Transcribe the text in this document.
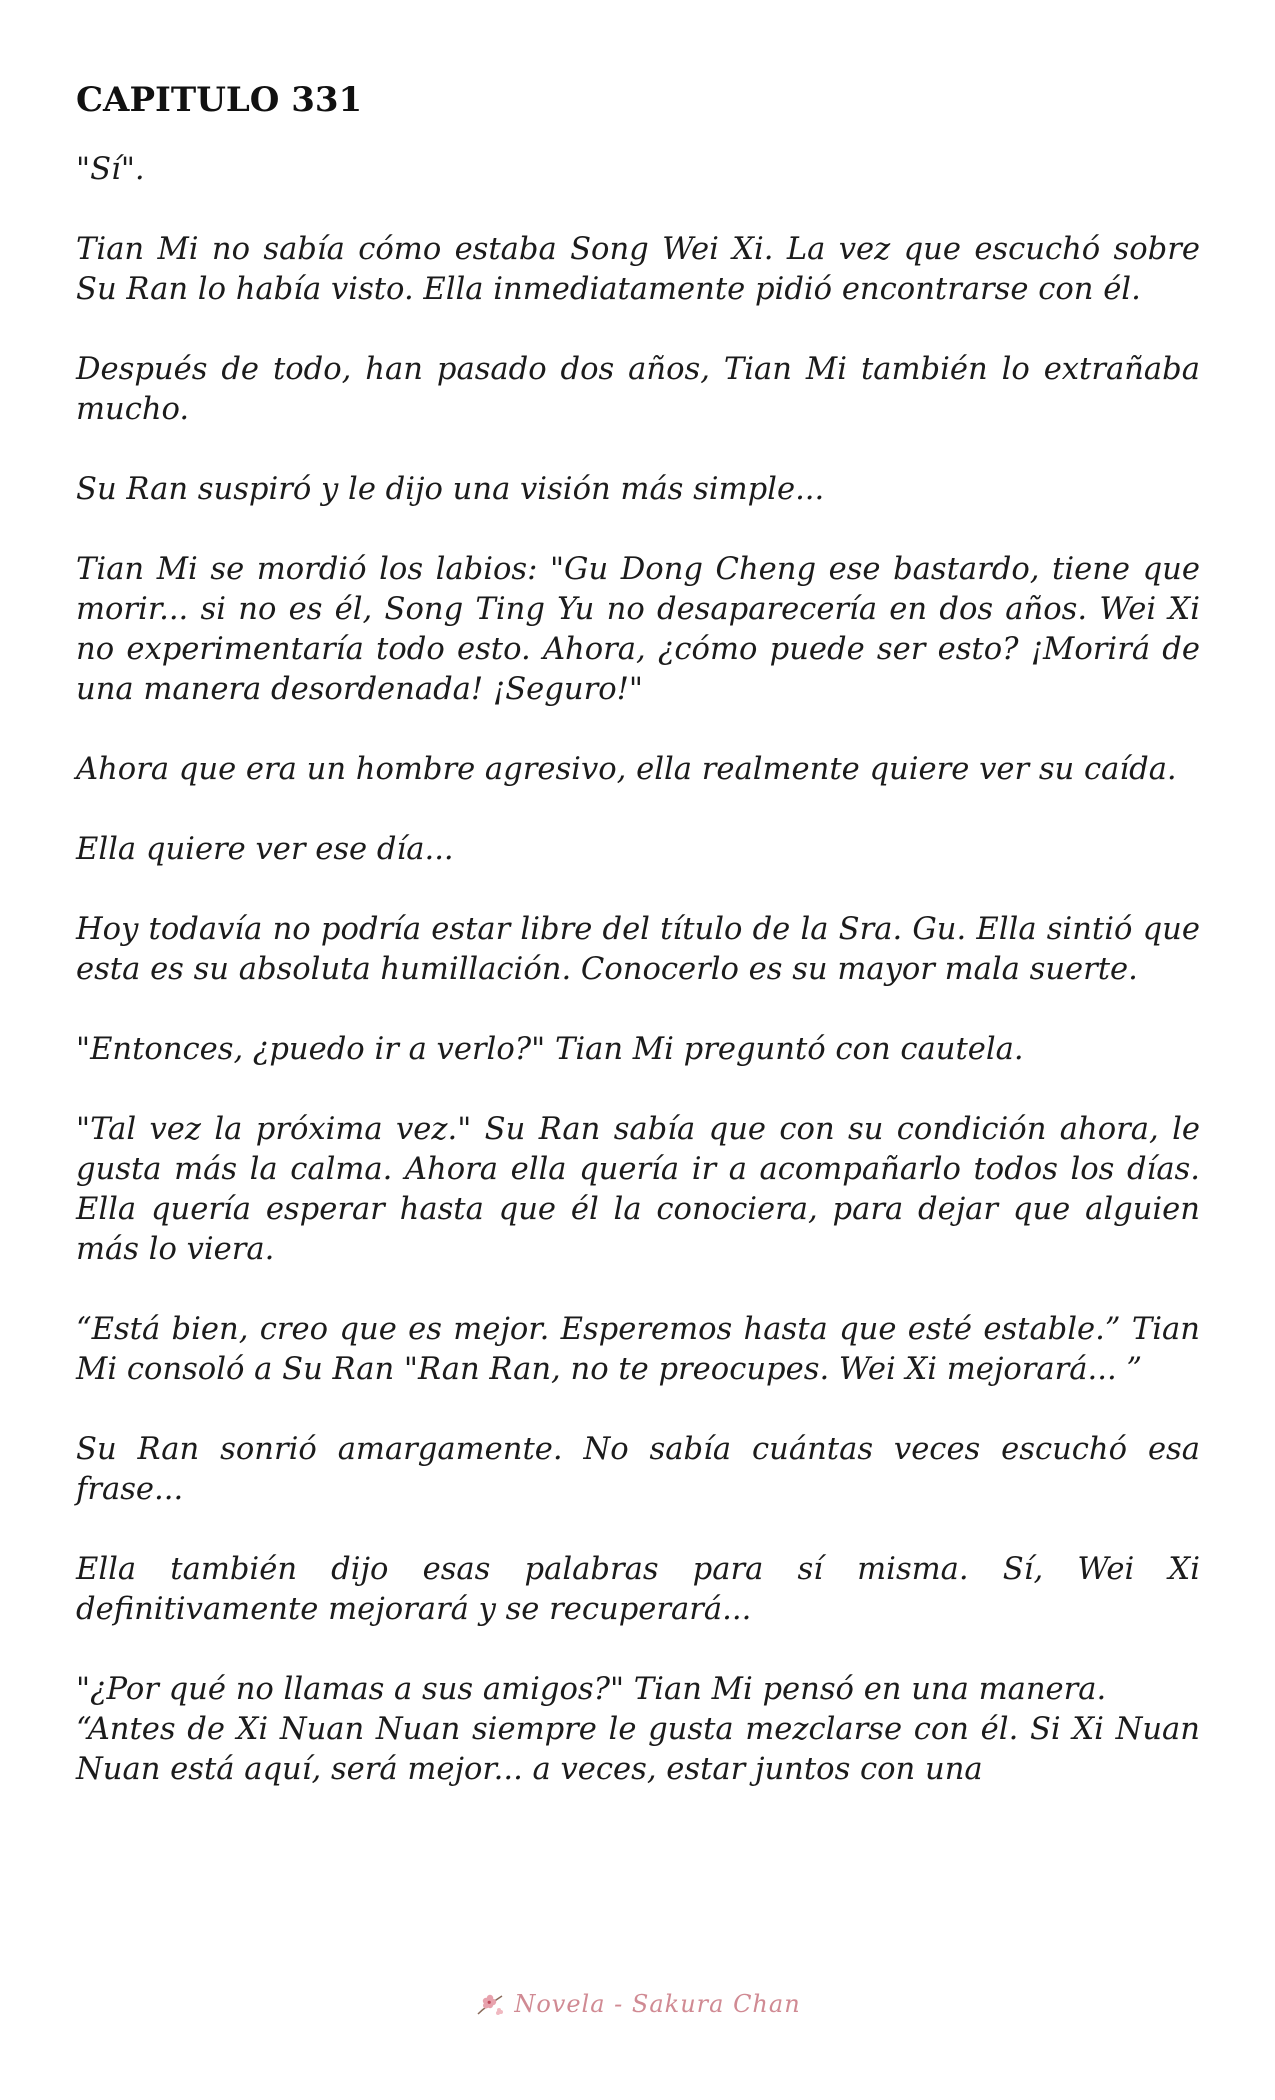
CAPITULO 331

"Sí".

Tian Mi no sabía cómo estaba Song Wei Xi. La vez que escuchó sobre Su Ran lo había visto. Ella inmediatamente pidió encontrarse con él.

Después de todo, han pasado dos años, Tian Mi también lo extrañaba mucho.

Su Ran suspiró y le dijo una visión más simple...

Tian Mi se mordió los labios: "Gu Dong Cheng ese bastardo, tiene que morir... si no es él, Song Ting Yu no desaparecería en dos años. Wei Xi no experimentaría todo esto. Ahora, ¿cómo puede ser esto? ¡Morirá de una manera desordenada! ¡Seguro!"

Ahora que era un hombre agresivo, ella realmente quiere ver su caída.

Ella quiere ver ese día...

Hoy todavía no podría estar libre del título de la Sra. Gu. Ella sintió que esta es su absoluta humillación. Conocerlo es su mayor mala suerte.

"Entonces, ¿puedo ir a verlo?" Tian Mi preguntó con cautela.

"Tal vez la próxima vez." Su Ran sabía que con su condición ahora, le gusta más la calma. Ahora ella quería ir a acompañarlo todos los días. Ella quería esperar hasta que él la conociera, para dejar que alguien más lo viera.

“Está bien, creo que es mejor. Esperemos hasta que esté estable.” Tian Mi consoló a Su Ran "Ran Ran, no te preocupes. Wei Xi mejorará... ”

Su Ran sonrió amargamente. No sabía cuántas veces escuchó esa frase...

Ella también dijo esas palabras para sí misma. Sí, Wei Xi definitivamente mejorará y se recuperará...

"¿Por qué no llamas a sus amigos?" Tian Mi pensó en una manera.
“Antes de Xi Nuan Nuan siempre le gusta mezclarse con él. Si Xi Nuan Nuan está aquí, será mejor... a veces, estar juntos con una

Novela - Sakura Chan
